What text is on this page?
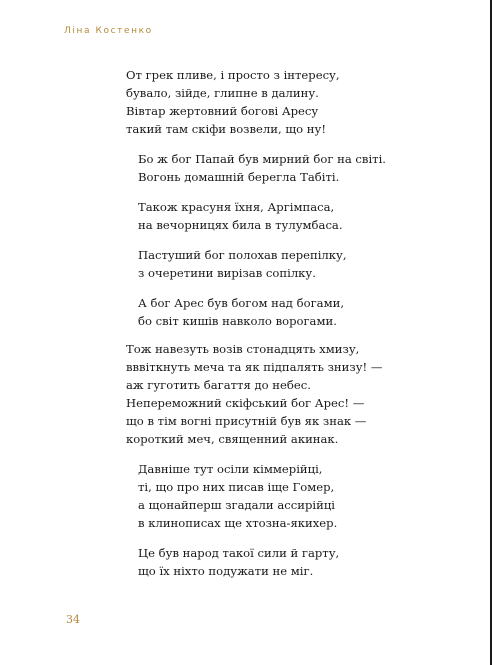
Ліна Костенко
От грек пливе, і просто з інтересу,
бувало, зійде, глипне в далину.
Вівтар жертовний богові Аресу
такий там скіфи возвели, що ну!
Бо ж бог Папай був мирний бог на світі.
Вогонь домашній берегла Табіті.
Також красуня їхня, Аргімпаса,
на вечорницях била в тулумбаса.
Пастуший бог полохав перепілку,
з очеретини вирізав сопілку.
А бог Арес був богом над богами,
бо світ кишів навколо ворогами.
Тож навезуть возів стонадцять хмизу,
вввіткнуть меча та як підпалять знизу! —
аж гуготить багаття до небес.
Непереможний скіфський бог Арес! —
що в тім вогні присутній був як знак —
короткий меч, священний акинак.
Давніше тут осіли кіммерійці,
ті, що про них писав іще Гомер,
а щонайперш згадали ассирійці
в клинописах ще хтозна-якихер.
Це був народ такої сили й гарту,
що їх ніхто подужати не міг.
34
